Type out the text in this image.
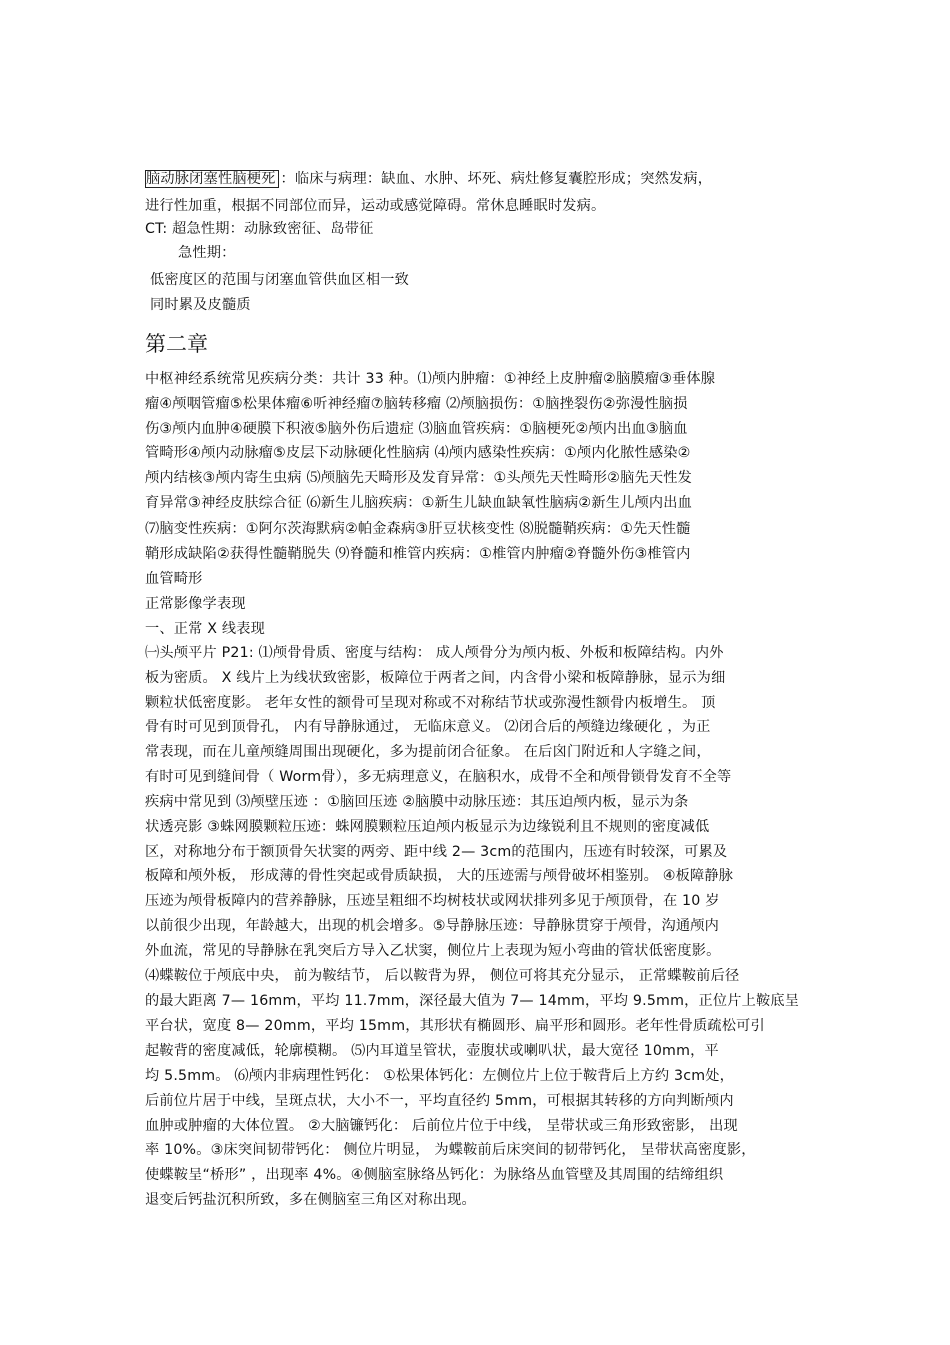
脑动脉闭塞性脑梗死 ：临床与病理：缺血、水肿、坏死、病灶修复囊腔形成；突然发病，
进行性加重，根据不同部位而异，运动或感觉障碍。常休息睡眠时发病。
CT: 超急性期：动脉致密征、岛带征
急性期：
低密度区的范围与闭塞血管供血区相一致
同时累及皮髓质
第二章
中枢神经系统常见疾病分类：共计 33 种。⑴颅内肿瘤：①神经上皮肿瘤②脑膜瘤③垂体腺
瘤④颅咽管瘤⑤松果体瘤⑥听神经瘤⑦脑转移瘤 ⑵颅脑损伤：①脑挫裂伤②弥漫性脑损
伤③颅内血肿④硬膜下积液⑤脑外伤后遗症 ⑶脑血管疾病：①脑梗死②颅内出血③脑血
管畸形④颅内动脉瘤⑤皮层下动脉硬化性脑病 ⑷颅内感染性疾病：①颅内化脓性感染②
颅内结核③颅内寄生虫病 ⑸颅脑先天畸形及发育异常：①头颅先天性畸形②脑先天性发
育异常③神经皮肤综合征 ⑹新生儿脑疾病：①新生儿缺血缺氧性脑病②新生儿颅内出血
⑺脑变性疾病：①阿尔茨海默病②帕金森病③肝豆状核变性 ⑻脱髓鞘疾病：①先天性髓
鞘形成缺陷②获得性髓鞘脱失 ⑼脊髓和椎管内疾病：①椎管内肿瘤②脊髓外伤③椎管内
血管畸形
正常影像学表现
一、正常 X 线表现
㈠头颅平片 P21: ⑴颅骨骨质、密度与结构： 成人颅骨分为颅内板、外板和板障结构。内外
板为密质。 X 线片上为线状致密影，板障位于两者之间，内含骨小梁和板障静脉，显示为细
颗粒状低密度影。 老年女性的额骨可呈现对称或不对称结节状或弥漫性额骨内板增生。 顶
骨有时可见到顶骨孔， 内有导静脉通过， 无临床意义。 ⑵闭合后的颅缝边缘硬化 ，为正
常表现，而在儿童颅缝周围出现硬化，多为提前闭合征象。 在后囟门附近和人字缝之间，
有时可见到缝间骨（ Worm骨），多无病理意义，在脑积水，成骨不全和颅骨锁骨发育不全等
疾病中常见到 ⑶颅壁压迹 ：①脑回压迹 ②脑膜中动脉压迹：其压迫颅内板，显示为条
状透亮影 ③蛛网膜颗粒压迹：蛛网膜颗粒压迫颅内板显示为边缘锐利且不规则的密度减低
区，对称地分布于额顶骨矢状窦的两旁、距中线 2— 3cm的范围内，压迹有时较深，可累及
板障和颅外板， 形成薄的骨性突起或骨质缺损， 大的压迹需与颅骨破坏相鉴别。 ④板障静脉
压迹为颅骨板障内的营养静脉，压迹呈粗细不均树枝状或网状排列多见于颅顶骨，在 10 岁
以前很少出现，年龄越大，出现的机会增多。⑤导静脉压迹：导静脉贯穿于颅骨，沟通颅内
外血流，常见的导静脉在乳突后方导入乙状窦，侧位片上表现为短小弯曲的管状低密度影。
⑷蝶鞍位于颅底中央， 前为鞍结节， 后以鞍背为界， 侧位可将其充分显示， 正常蝶鞍前后径
的最大距离 7— 16mm，平均 11.7mm，深径最大值为 7— 14mm，平均 9.5mm，正位片上鞍底呈
平台状，宽度 8— 20mm，平均 15mm，其形状有椭圆形、扁平形和圆形。老年性骨质疏松可引
起鞍背的密度减低，轮廓模糊。 ⑸内耳道呈管状，壶腹状或喇叭状，最大宽径 10mm，平
均 5.5mm。 ⑹颅内非病理性钙化： ①松果体钙化：左侧位片上位于鞍背后上方约 3cm处，
后前位片居于中线，呈斑点状，大小不一，平均直径约 5mm，可根据其转移的方向判断颅内
血肿或肿瘤的大体位置。 ②大脑镰钙化： 后前位片位于中线， 呈带状或三角形致密影， 出现
率 10%。③床突间韧带钙化： 侧位片明显， 为蝶鞍前后床突间的韧带钙化， 呈带状高密度影，
使蝶鞍呈“桥形” ，出现率 4%。④侧脑室脉络丛钙化：为脉络丛血管壁及其周围的结缔组织
退变后钙盐沉积所致，多在侧脑室三角区对称出现。
